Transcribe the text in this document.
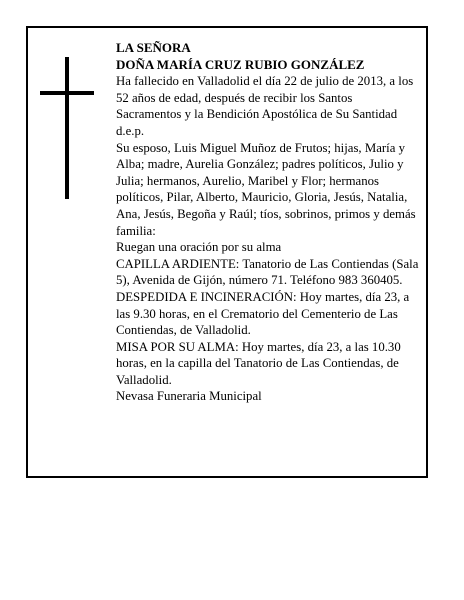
LA SEÑORA

DOÑA MARÍA CRUZ RUBIO GONZÁLEZ

Ha fallecido en Valladolid el día 22 de julio de 2013, a los 52 años de edad, después de recibir los Santos Sacramentos y la Bendición Apostólica de Su Santidad d.e.p.

Su esposo, Luis Miguel Muñoz de Frutos; hijas, María y Alba; madre, Aurelia González; padres políticos, Julio y Julia; hermanos, Aurelio, Maribel y Flor; hermanos políticos, Pilar, Alberto, Mauricio, Gloria, Jesús, Natalia, Ana, Jesús, Begoña y Raúl; tíos, sobrinos, primos y demás familia:

Ruegan una oración por su alma

CAPILLA ARDIENTE: Tanatorio de Las Contiendas (Sala 5), Avenida de Gijón, número 71. Teléfono 983 360405.

DESPEDIDA E INCINERACIÓN: Hoy martes, día 23, a las 9.30 horas, en el Crematorio del Cementerio de Las Contiendas, de Valladolid.

MISA POR SU ALMA: Hoy martes, día 23, a las 10.30 horas, en la capilla del Tanatorio de Las Contiendas, de Valladolid.

Nevasa Funeraria Municipal
